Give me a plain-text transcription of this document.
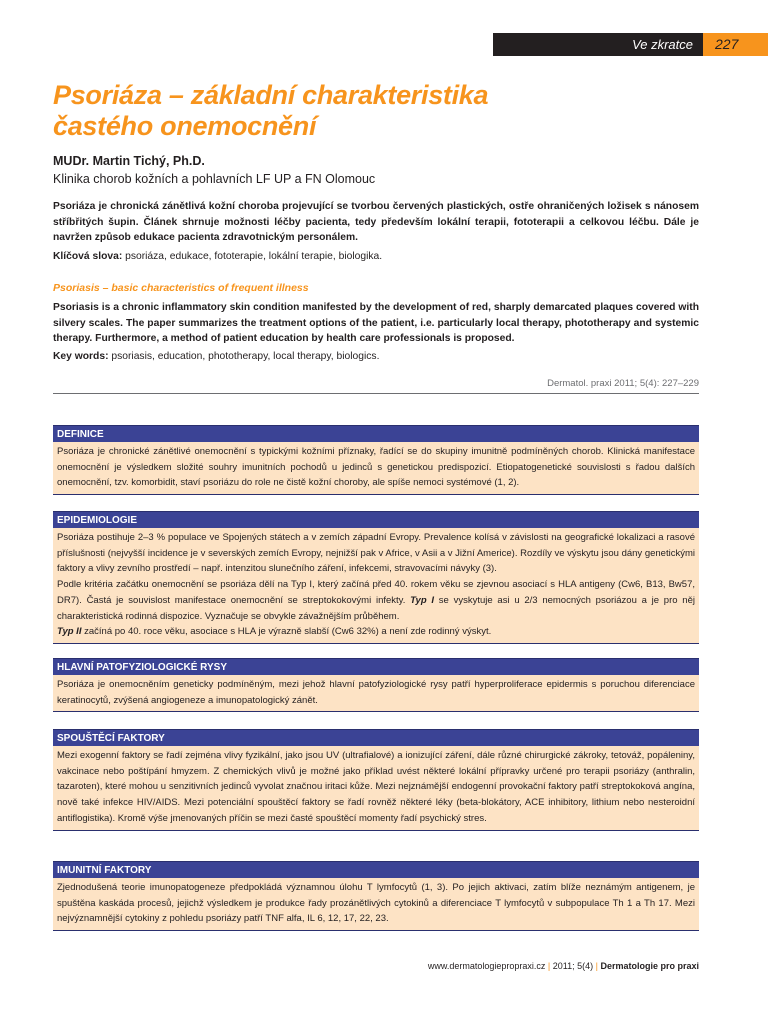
Ve zkratce	227
Psoriáza – základní charakteristika
častého onemocnění
MUDr. Martin Tichý, Ph.D.
Klinika chorob kožních a pohlavních LF UP a FN Olomouc
Psoriáza je chronická zánětlivá kožní choroba projevující se tvorbou červených plastických, ostře ohraničených ložisek s nánosem stříbřitých šupin. Článek shrnuje možnosti léčby pacienta, tedy především lokální terapii, fototerapii a celkovou léčbu. Dále je navržen způsob edukace pacienta zdravotnickým personálem.
Klíčová slova: psoriáza, edukace, fototerapie, lokální terapie, biologika.
Psoriasis – basic characteristics of frequent illness
Psoriasis is a chronic inflammatory skin condition manifested by the development of red, sharply demarcated plaques covered with silvery scales. The paper summarizes the treatment options of the patient, i.e. particularly local therapy, phototherapy and systemic therapy. Furthermore, a method of patient education by health care professionals is proposed.
Key words: psoriasis, education, phototherapy, local therapy, biologics.
Dermatol. praxi 2011; 5(4): 227–229
DEFINICE
Psoriáza je chronické zánětlivé onemocnění s typickými kožními příznaky, řadící se do skupiny imunitně podmíněných chorob. Klinická manifestace onemocnění je výsledkem složité souhry imunitních pochodů u jedinců s genetickou predispozicí. Etiopatogenetické souvislosti s řadou dalších onemocnění, tzv. komorbidit, staví psoriázu do role ne čistě kožní choroby, ale spíše nemoci systémové (1, 2).
EPIDEMIOLOGIE
Psoriáza postihuje 2–3 % populace ve Spojených státech a v zemích západní Evropy. Prevalence kolísá v závislosti na geografické lokalizaci a rasové příslušnosti (nejvyšší incidence je v severských zemích Evropy, nejnižší pak v Africe, v Asii a v Jižní Americe). Rozdíly ve výskytu jsou dány genetickými faktory a vlivy zevního prostředí – např. intenzitou slunečního záření, infekcemi, stravovacími návyky (3).
Podle kritéria začátku onemocnění se psoriáza dělí na Typ I, který začíná před 40. rokem věku se zjevnou asociací s HLA antigeny (Cw6, B13, Bw57, DR7). Častá je souvislost manifestace onemocnění se streptokokovými infekty. Typ I se vyskytuje asi u 2/3 nemocných psoriázou a je pro něj charakteristická rodinná dispozice. Vyznačuje se obvykle závažnějším průběhem.
Typ II začíná po 40. roce věku, asociace s HLA je výrazně slabší (Cw6 32%) a není zde rodinný výskyt.
HLAVNÍ PATOFYZIOLOGICKÉ RYSY
Psoriáza je onemocněním geneticky podmíněným, mezi jehož hlavní patofyziologické rysy patří hyperproliferace epidermis s poruchou diferenciace keratinocytů, zvýšená angiogeneze a imunopatologický zánět.
SPOUŠTĚCÍ FAKTORY
Mezi exogenní faktory se řadí zejména vlivy fyzikální, jako jsou UV (ultrafialové) a ionizující záření, dále různé chirurgické zákroky, tetováž, popáleniny, vakcinace nebo poštípání hmyzem. Z chemických vlivů je možné jako příklad uvést některé lokální přípravky určené pro terapii psoriázy (anthralin, tazaroten), které mohou u senzitivních jedinců vyvolat značnou iritaci kůže. Mezi nejznámější endogenní provokační faktory patří streptokoková angína, nově také infekce HIV/AIDS. Mezi potenciální spouštěcí faktory se řadí rovněž některé léky (beta-blokátory, ACE inhibitory, lithium nebo nesteroidní antiflogistika). Kromě výše jmenovaných příčin se mezi časté spouštěcí momenty řadí psychický stres.
IMUNITNÍ FAKTORY
Zjednodušená teorie imunopatogeneze předpokládá významnou úlohu T lymfocytů (1, 3). Po jejich aktivaci, zatím blíže neznámým antigenem, je spuštěna kaskáda procesů, jejichž výsledkem je produkce řady prozánětlivých cytokinů a diferenciace T lymfocytů v subpopulace Th 1 a Th 17. Mezi nejvýznamnější cytokiny z pohledu psoriázy patří TNF alfa, IL 6, 12, 17, 22, 23.
www.dermatologiepropraxi.cz | 2011; 5(4) | Dermatologie pro praxi
